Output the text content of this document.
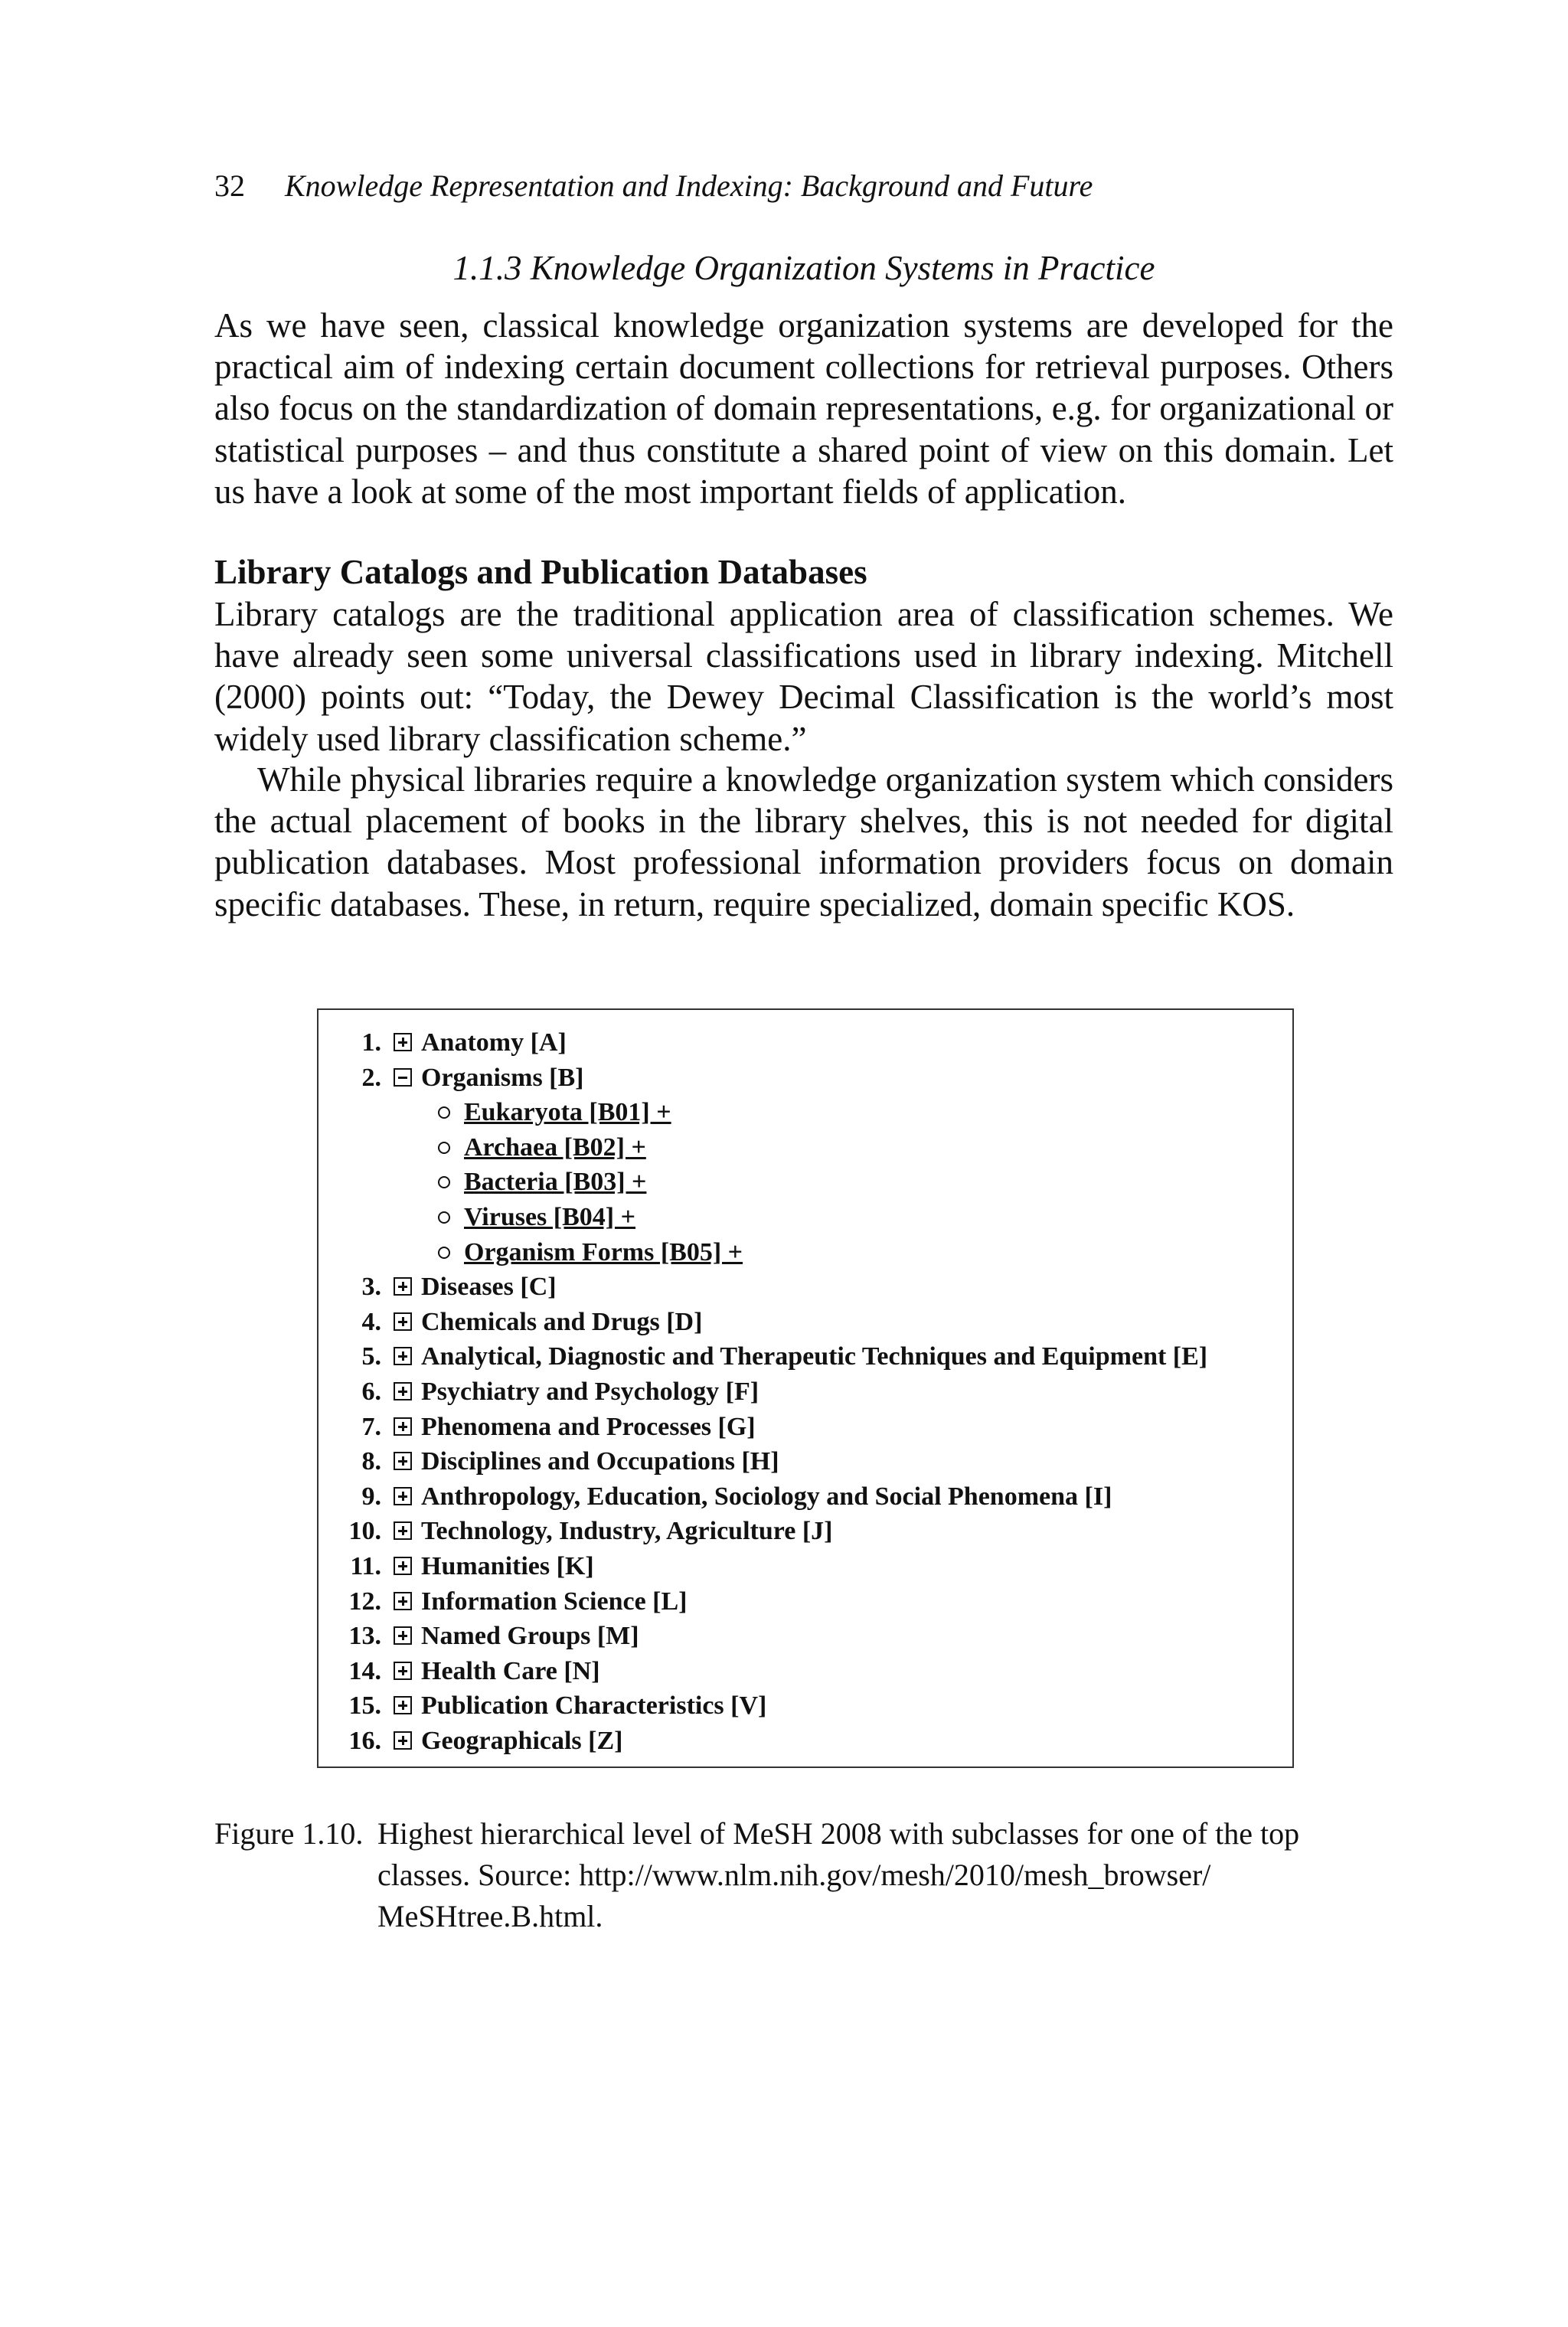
32 Knowledge Representation and Indexing: Background and Future
1.1.3 Knowledge Organization Systems in Practice

As we have seen, classical knowledge organization systems are developed for the practical aim of indexing certain document collections for retrieval purposes. Others also focus on the standardization of domain representations, e.g. for organizational or statistical purposes – and thus constitute a shared point of view on this domain. Let us have a look at some of the most important fields of application.

Library Catalogs and Publication Databases

Library catalogs are the traditional application area of classification schemes. We have already seen some universal classifications used in library indexing. Mitchell (2000) points out: “Today, the Dewey Decimal Classification is the world’s most widely used library classification scheme.”

While physical libraries require a knowledge organization system which considers the actual placement of books in the library shelves, this is not needed for digital publication databases. Most professional information providers focus on domain specific databases. These, in return, require specialized, domain specific KOS.

1. Anatomy [A]
2. Organisms [B]
Eukaryota [B01] +
Archaea [B02] +
Bacteria [B03] +
Viruses [B04] +
Organism Forms [B05] +
3. Diseases [C]
4. Chemicals and Drugs [D]
5. Analytical, Diagnostic and Therapeutic Techniques and Equipment [E]
6. Psychiatry and Psychology [F]
7. Phenomena and Processes [G]
8. Disciplines and Occupations [H]
9. Anthropology, Education, Sociology and Social Phenomena [I]
10. Technology, Industry, Agriculture [J]
11. Humanities [K]
12. Information Science [L]
13. Named Groups [M]
14. Health Care [N]
15. Publication Characteristics [V]
16. Geographicals [Z]
Figure 1.10. Highest hierarchical level of MeSH 2008 with subclasses for one of the top
classes. Source: http://www.nlm.nih.gov/mesh/2010/mesh_browser/
MeSHtree.B.html.
